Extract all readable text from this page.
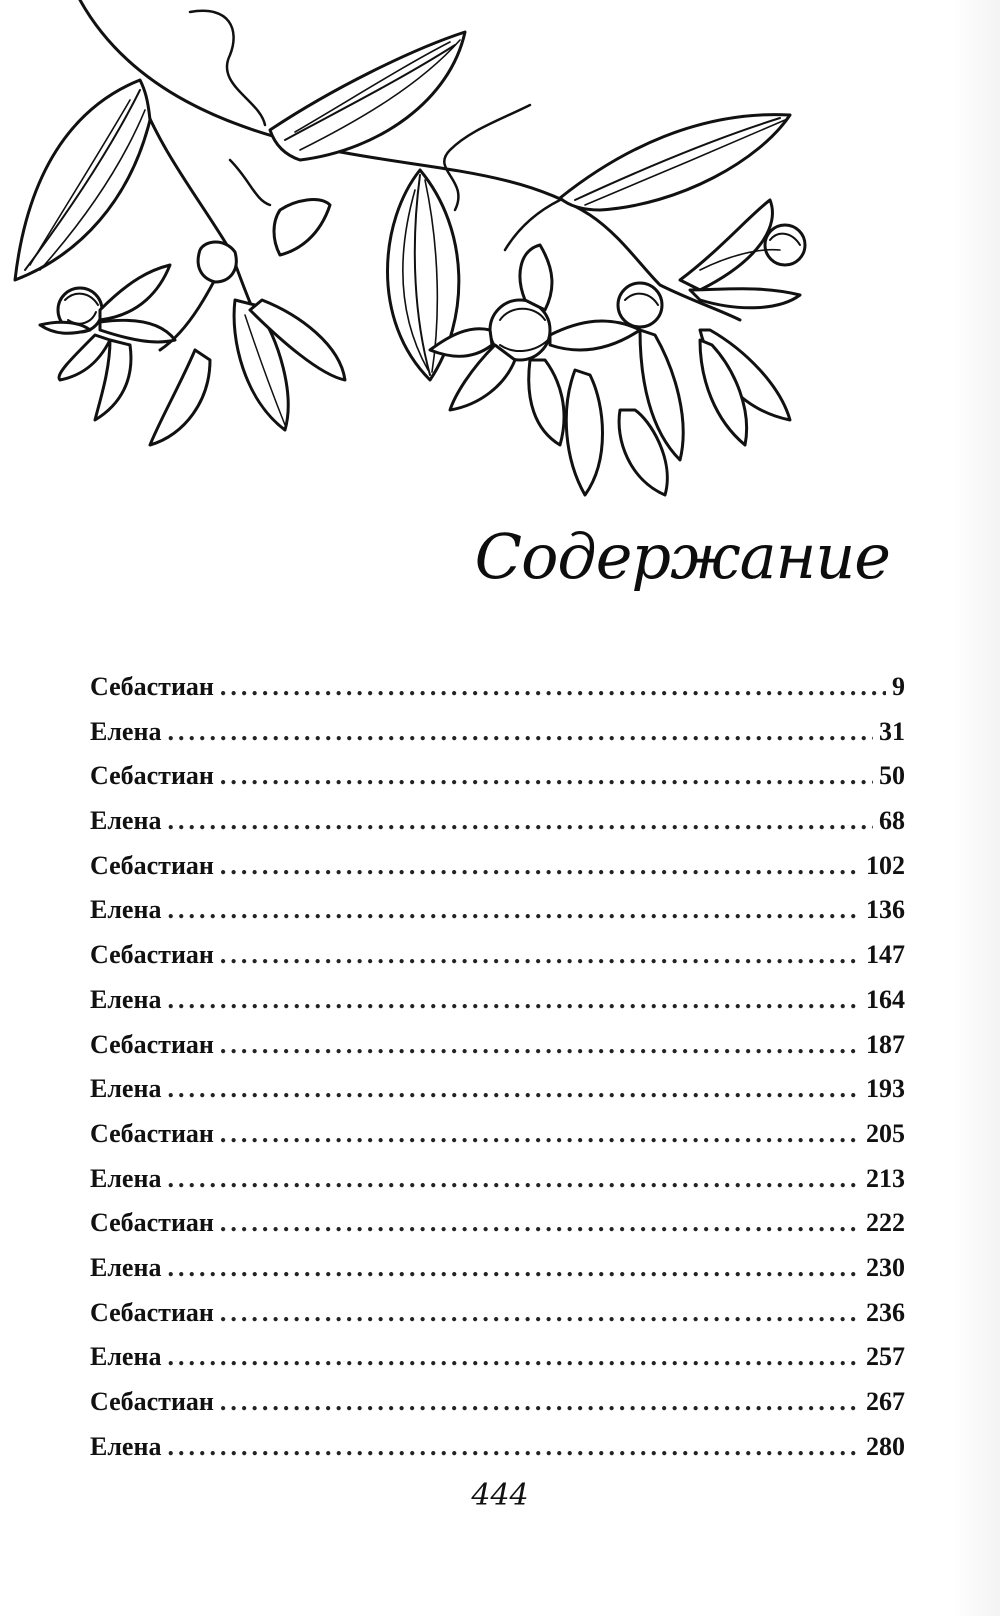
Содержание
Себастиан .....	9
Елена .....	31
Себастиан .....	50
Елена .....	68
Себастиан .....	102
Елена .....	136
Себастиан .....	147
Елена .....	164
Себастиан .....	187
Елена .....	193
Себастиан .....	205
Елена .....	213
Себастиан .....	222
Елена .....	230
Себастиан .....	236
Елена .....	257
Себастиан .....	267
Елена .....	280
444
